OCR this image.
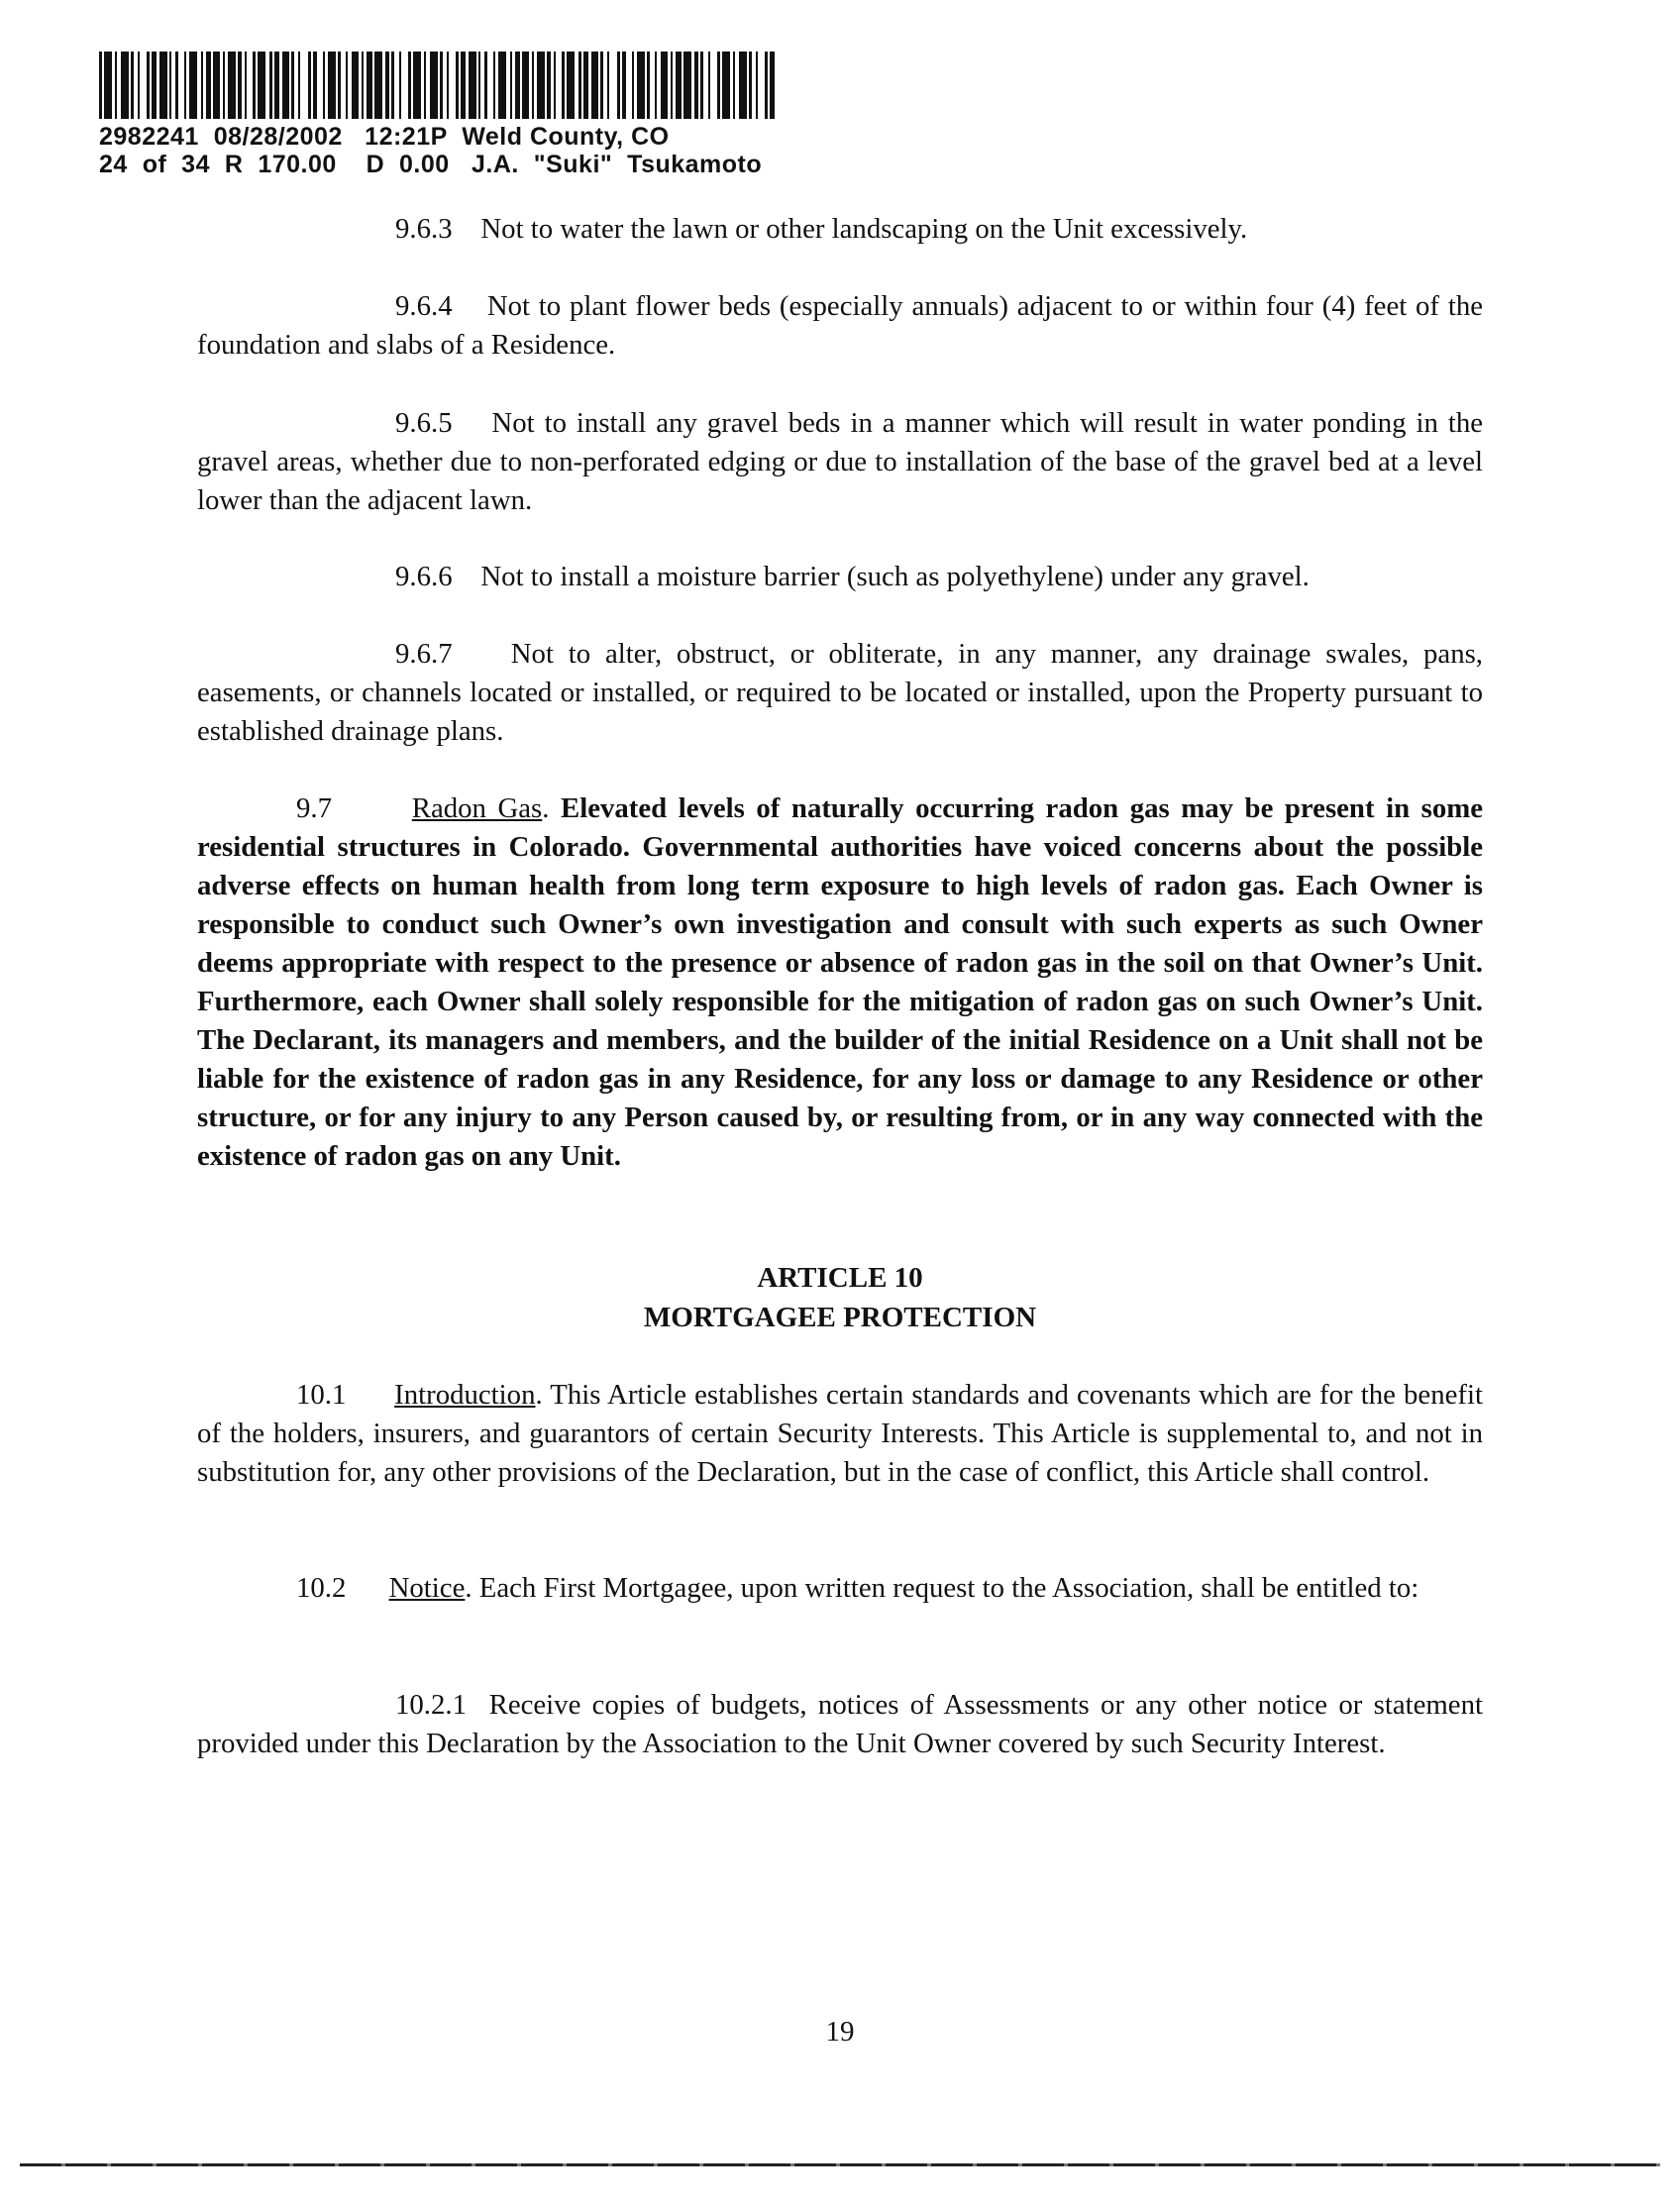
2982241  08/28/2002   12:21P  Weld County, CO
24  of  34  R  170.00    D  0.00   J.A.  "Suki"  Tsukamoto
9.6.3 Not to water the lawn or other landscaping on the Unit excessively.
9.6.4 Not to plant flower beds (especially annuals) adjacent to or within four (4) feet of the foundation and slabs of a Residence.
9.6.5 Not to install any gravel beds in a manner which will result in water ponding in the gravel areas, whether due to non-perforated edging or due to installation of the base of the gravel bed at a level lower than the adjacent lawn.
9.6.6 Not to install a moisture barrier (such as polyethylene) under any gravel.
9.6.7 Not to alter, obstruct, or obliterate, in any manner, any drainage swales, pans, easements, or channels located or installed, or required to be located or installed, upon the Property pursuant to established drainage plans.
9.7	Radon Gas. Elevated levels of naturally occurring radon gas may be present in some residential structures in Colorado. Governmental authorities have voiced concerns about the possible adverse effects on human health from long term exposure to high levels of radon gas. Each Owner is responsible to conduct such Owner’s own investigation and consult with such experts as such Owner deems appropriate with respect to the presence or absence of radon gas in the soil on that Owner’s Unit. Furthermore, each Owner shall solely responsible for the mitigation of radon gas on such Owner’s Unit. The Declarant, its managers and members, and the builder of the initial Residence on a Unit shall not be liable for the existence of radon gas in any Residence, for any loss or damage to any Residence or other structure, or for any injury to any Person caused by, or resulting from, or in any way connected with the existence of radon gas on any Unit.
ARTICLE 10
MORTGAGEE PROTECTION
10.1 Introduction. This Article establishes certain standards and covenants which are for the benefit of the holders, insurers, and guarantors of certain Security Interests. This Article is supplemental to, and not in substitution for, any other provisions of the Declaration, but in the case of conflict, this Article shall control.
10.2 Notice. Each First Mortgagee, upon written request to the Association, shall be entitled to:
10.2.1 Receive copies of budgets, notices of Assessments or any other notice or statement provided under this Declaration by the Association to the Unit Owner covered by such Security Interest.
19
